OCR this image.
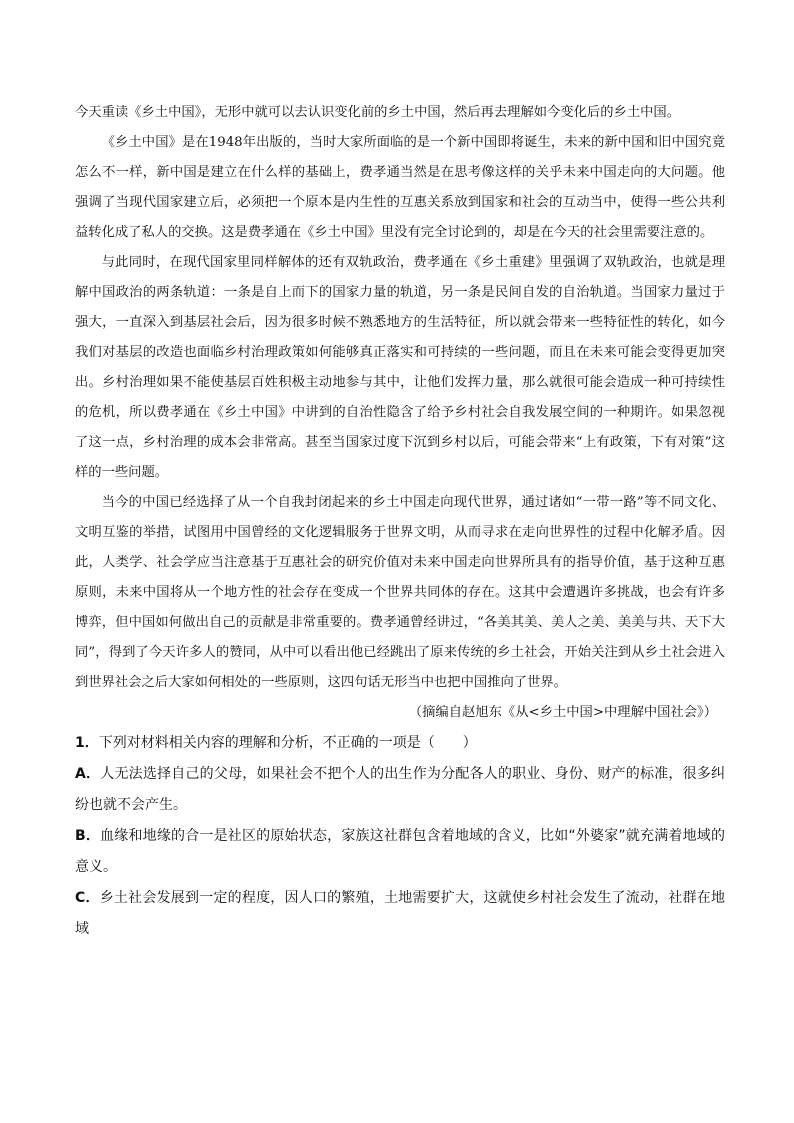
今天重读《乡土中国》，无形中就可以去认识变化前的乡土中国，然后再去理解如今变化后的乡土中国。

《乡土中国》是在1948年出版的，当时大家所面临的是一个新中国即将诞生，未来的新中国和旧中国究竟怎么不一样，新中国是建立在什么样的基础上，费孝通当然是在思考像这样的关乎未来中国走向的大问题。他强调了当现代国家建立后，必须把一个原本是内生性的互惠关系放到国家和社会的互动当中，使得一些公共利益转化成了私人的交换。这是费孝通在《乡土中国》里没有完全讨论到的，却是在今天的社会里需要注意的。

与此同时，在现代国家里同样解体的还有双轨政治，费孝通在《乡土重建》里强调了双轨政治，也就是理解中国政治的两条轨道：一条是自上而下的国家力量的轨道，另一条是民间自发的自治轨道。当国家力量过于强大，一直深入到基层社会后，因为很多时候不熟悉地方的生活特征，所以就会带来一些特征性的转化，如今我们对基层的改造也面临乡村治理政策如何能够真正落实和可持续的一些问题，而且在未来可能会变得更加突出。乡村治理如果不能使基层百姓积极主动地参与其中，让他们发挥力量，那么就很可能会造成一种可持续性的危机，所以费孝通在《乡土中国》中讲到的自治性隐含了给予乡村社会自我发展空间的一种期许。如果忽视了这一点，乡村治理的成本会非常高。甚至当国家过度下沉到乡村以后，可能会带来“上有政策，下有对策”这样的一些问题。

当今的中国已经选择了从一个自我封闭起来的乡土中国走向现代世界，通过诸如“一带一路”等不同文化、文明互鉴的举措，试图用中国曾经的文化逻辑服务于世界文明，从而寻求在走向世界性的过程中化解矛盾。因此，人类学、社会学应当注意基于互惠社会的研究价值对未来中国走向世界所具有的指导价值，基于这种互惠原则，未来中国将从一个地方性的社会存在变成一个世界共同体的存在。这其中会遭遇许多挑战，也会有许多博弈，但中国如何做出自己的贡献是非常重要的。费孝通曾经讲过，“各美其美、美人之美、美美与共、天下大同”，得到了今天许多人的赞同，从中可以看出他已经跳出了原来传统的乡土社会，开始关注到从乡土社会进入到世界社会之后大家如何相处的一些原则，这四句话无形当中也把中国推向了世界。

（摘编自赵旭东《从<乡土中国>中理解中国社会》）

1．下列对材料相关内容的理解和分析，不正确的一项是（　　）

A．人无法选择自己的父母，如果社会不把个人的出生作为分配各人的职业、身份、财产的标准，很多纠纷也就不会产生。

B．血缘和地缘的合一是社区的原始状态，家族这社群包含着地域的含义，比如“外婆家”就充满着地域的意义。

C．乡土社会发展到一定的程度，因人口的繁殖，土地需要扩大，这就使乡村社会发生了流动，社群在地域
